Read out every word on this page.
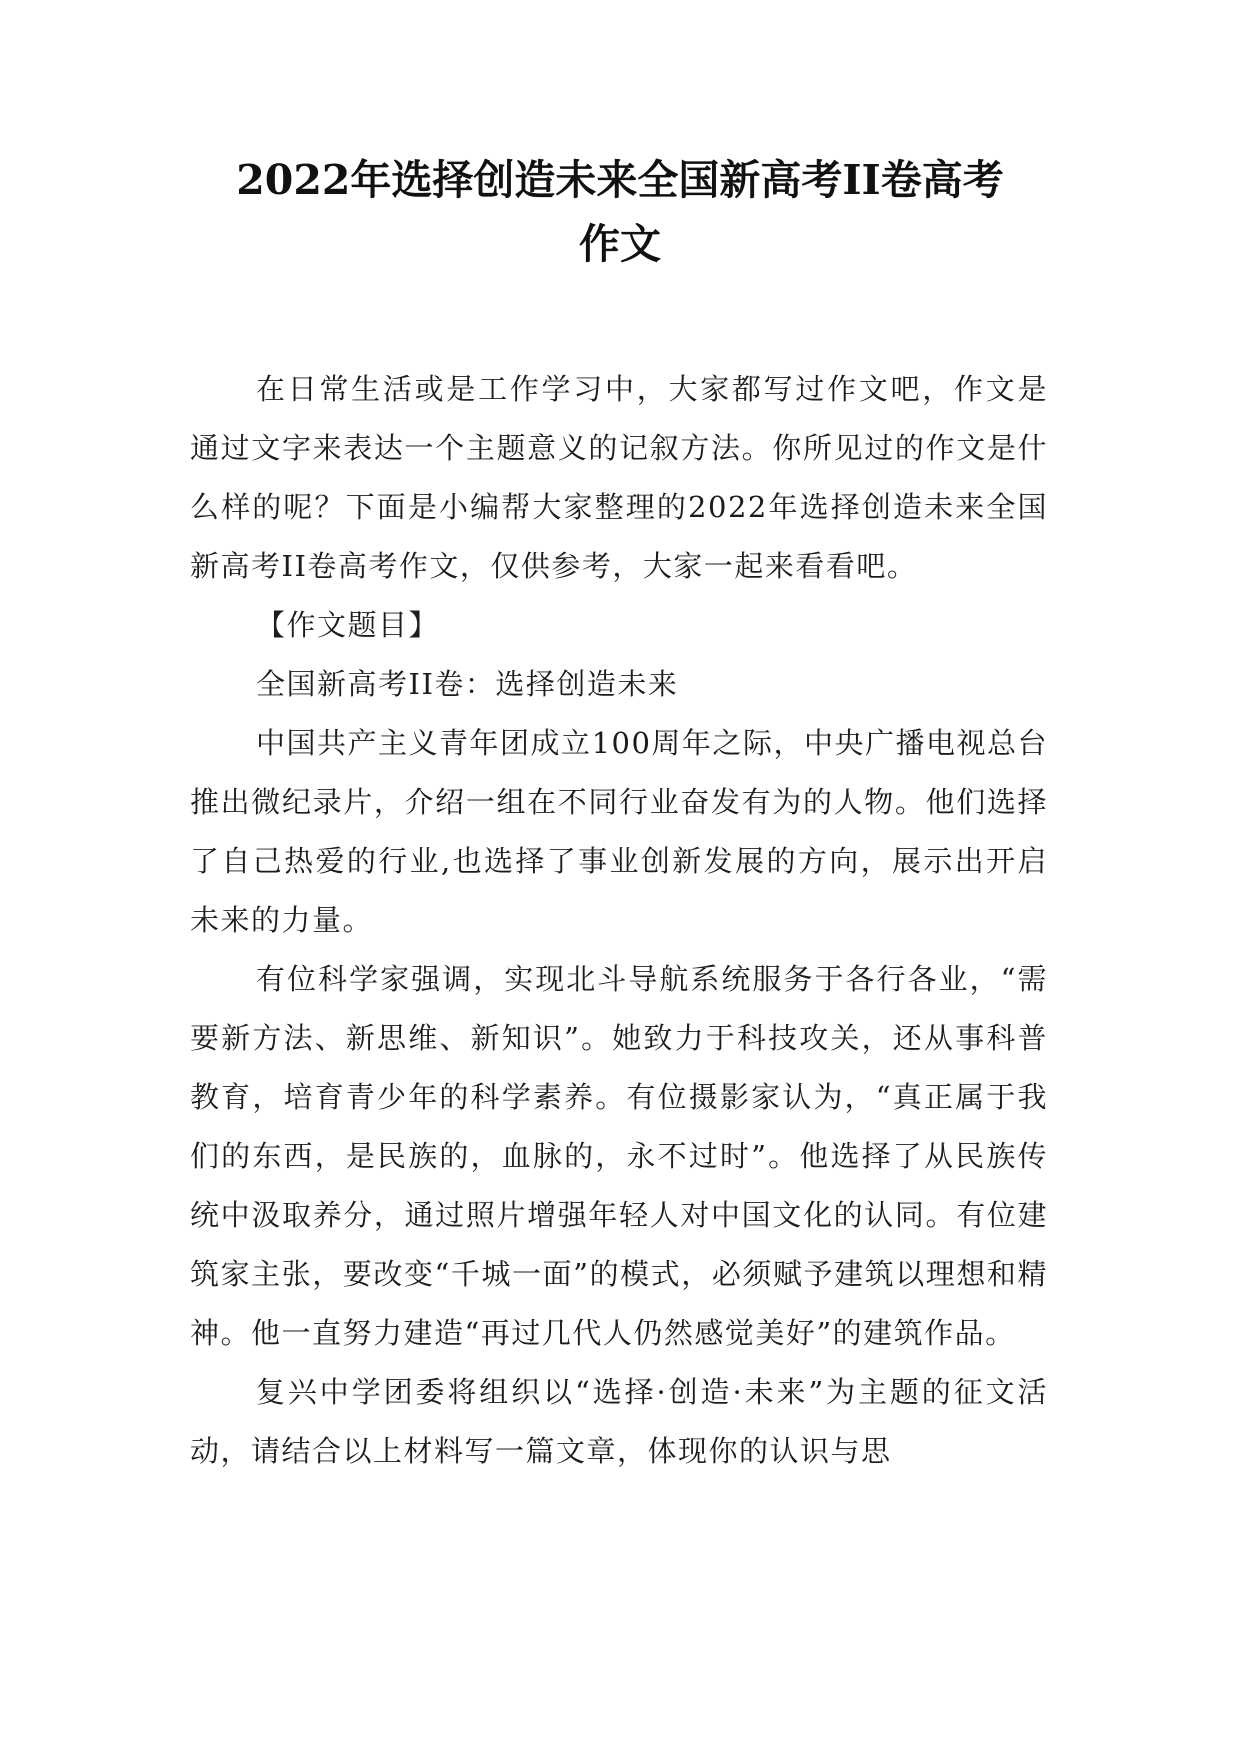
2022年选择创造未来全国新高考II卷高考
作文

在日常生活或是工作学习中，大家都写过作文吧，作文是通过文字来表达一个主题意义的记叙方法。你所见过的作文是什么样的呢？下面是小编帮大家整理的2022年选择创造未来全国新高考II卷高考作文，仅供参考，大家一起来看看吧。

【作文题目】

全国新高考II卷：选择创造未来

中国共产主义青年团成立100周年之际，中央广播电视总台推出微纪录片，介绍一组在不同行业奋发有为的人物。他们选择了自己热爱的行业,也选择了事业创新发展的方向，展示出开启未来的力量。

有位科学家强调，实现北斗导航系统服务于各行各业，“需要新方法、新思维、新知识”。她致力于科技攻关，还从事科普教育，培育青少年的科学素养。有位摄影家认为，“真正属于我们的东西，是民族的，血脉的，永不过时”。他选择了从民族传统中汲取养分，通过照片增强年轻人对中国文化的认同。有位建筑家主张，要改变“千城一面”的模式，必须赋予建筑以理想和精神。他一直努力建造“再过几代人仍然感觉美好”的建筑作品。

复兴中学团委将组织以“选择·创造·未来”为主题的征文活动，请结合以上材料写一篇文章，体现你的认识与思
